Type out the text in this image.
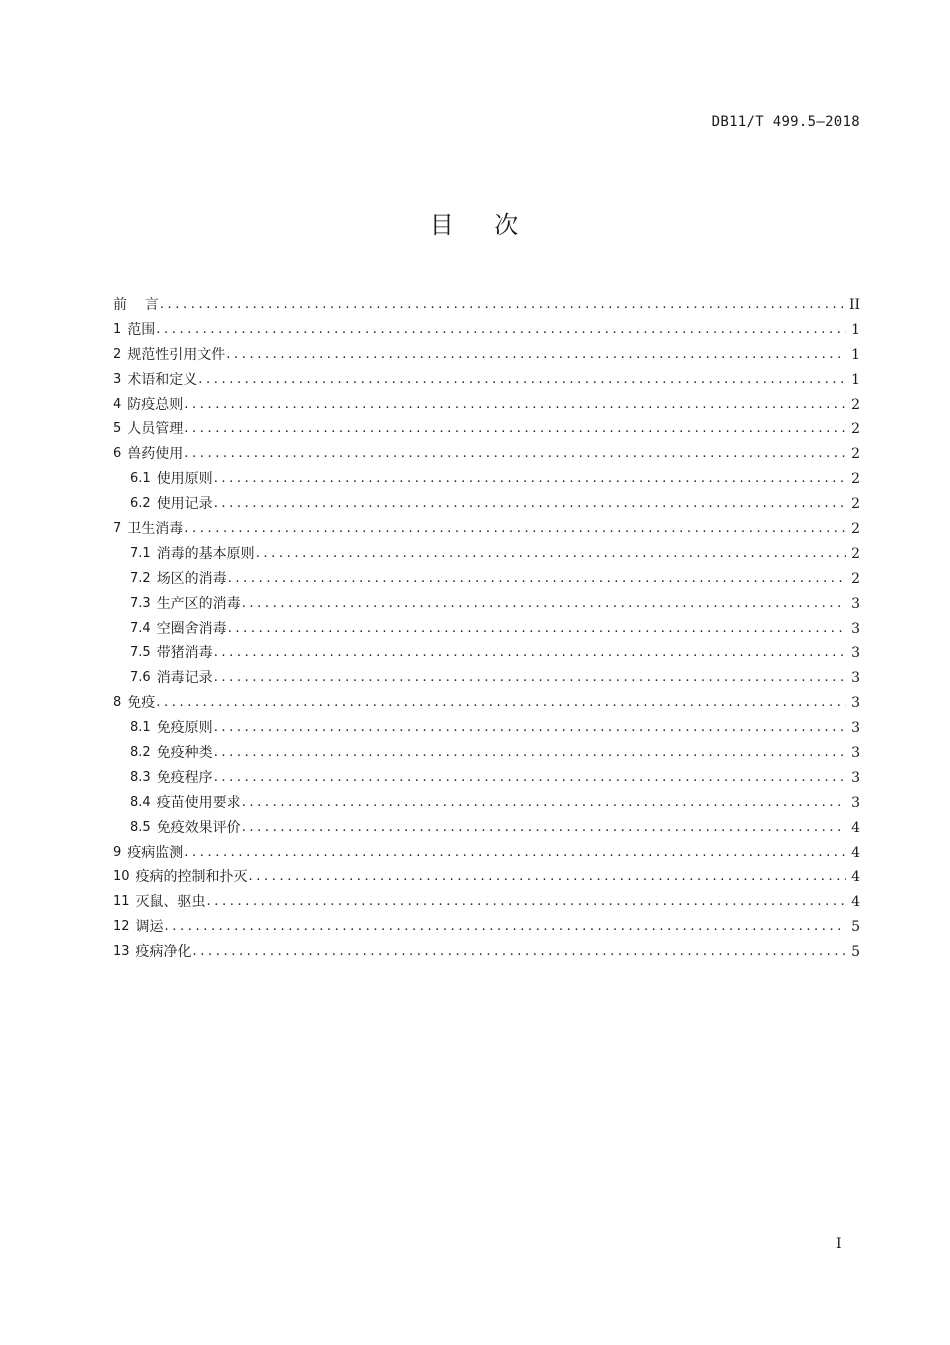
DB11/T 499.5—2018
目    次
前    言 .....	II
1 范围 .....	1
2 规范性引用文件 .....	1
3 术语和定义 .....	1
4 防疫总则 .....	2
5 人员管理 .....	2
6 兽药使用 .....	2
6.1 使用原则 .....	2
6.2 使用记录 .....	2
7 卫生消毒 .....	2
7.1 消毒的基本原则 .....	2
7.2 场区的消毒 .....	2
7.3 生产区的消毒 .....	3
7.4 空圈舍消毒 .....	3
7.5 带猪消毒 .....	3
7.6 消毒记录 .....	3
8 免疫 .....	3
8.1 免疫原则 .....	3
8.2 免疫种类 .....	3
8.3 免疫程序 .....	3
8.4 疫苗使用要求 .....	3
8.5 免疫效果评价 .....	4
9 疫病监测 .....	4
10 疫病的控制和扑灭 .....	4
11 灭鼠、驱虫 .....	4
12 调运 .....	5
13 疫病净化 .....	5
I
